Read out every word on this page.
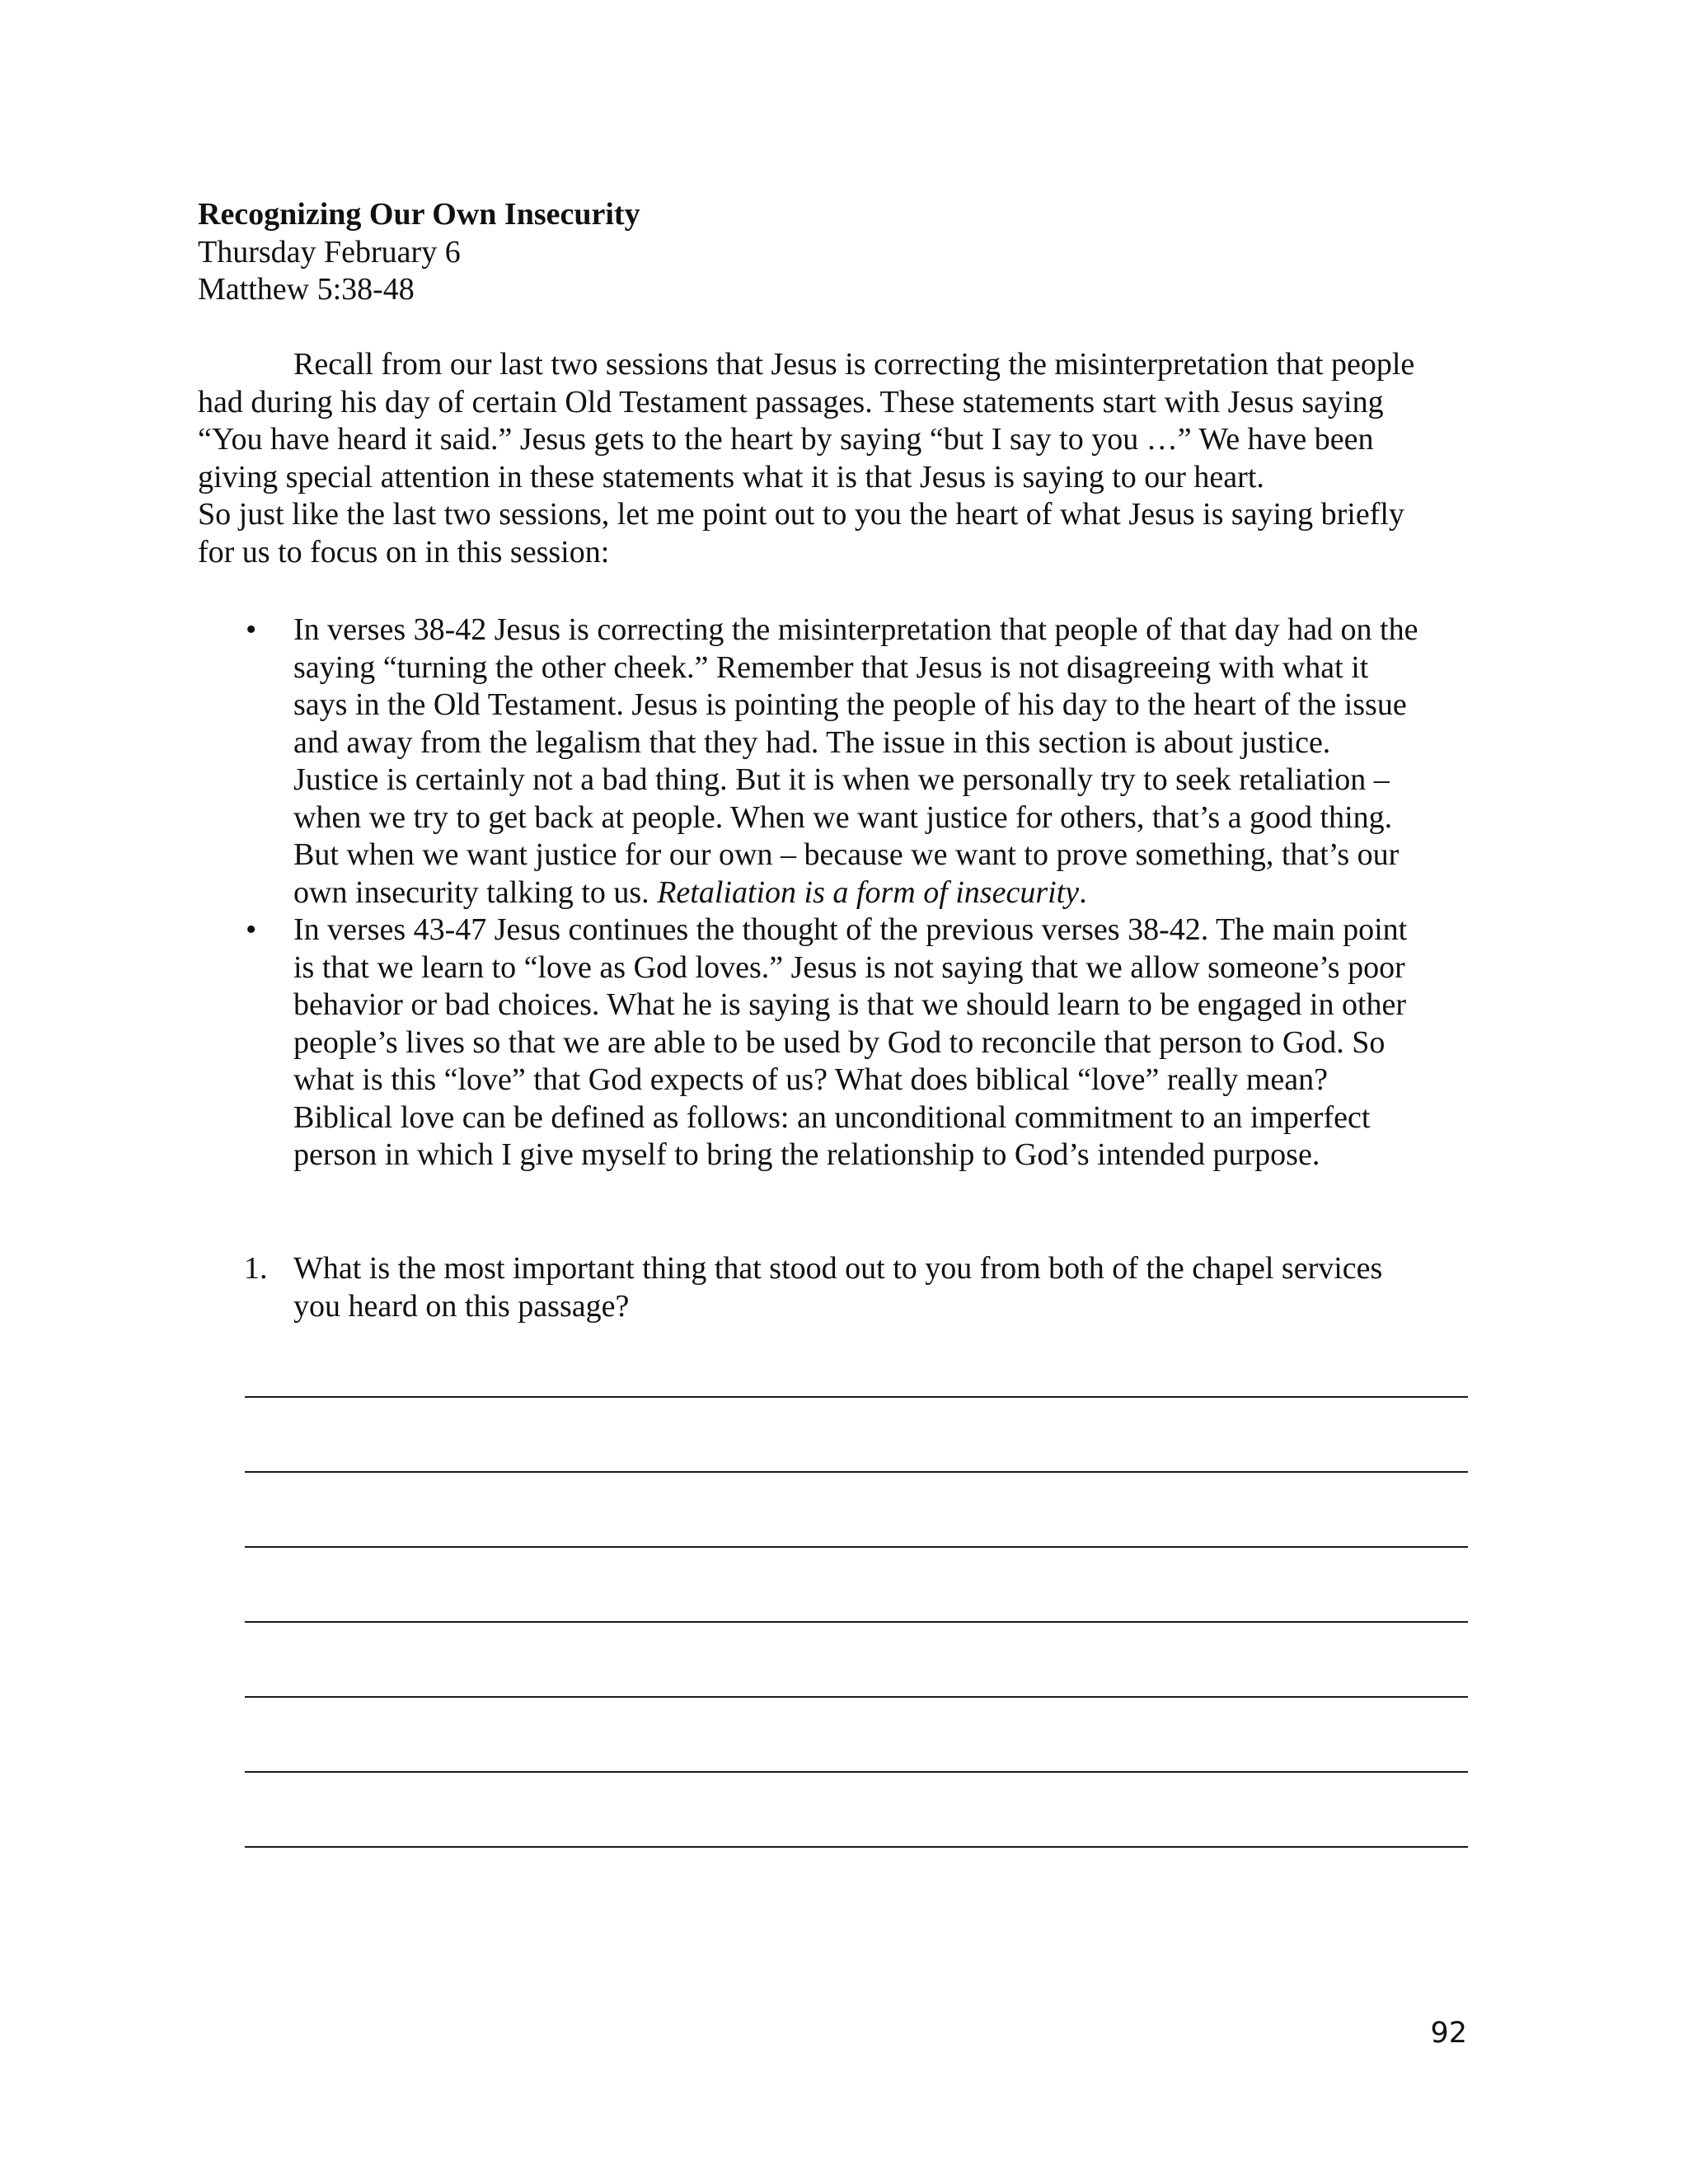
Recognizing Our Own Insecurity
Thursday February 6
Matthew 5:38-48
Recall from our last two sessions that Jesus is correcting the misinterpretation that people
had during his day of certain Old Testament passages. These statements start with Jesus saying
“You have heard it said.” Jesus gets to the heart by saying “but I say to you …” We have been
giving special attention in these statements what it is that Jesus is saying to our heart.
So just like the last two sessions, let me point out to you the heart of what Jesus is saying briefly
for us to focus on in this session:
•	In verses 38-42 Jesus is correcting the misinterpretation that people of that day had on the
saying “turning the other cheek.” Remember that Jesus is not disagreeing with what it
says in the Old Testament. Jesus is pointing the people of his day to the heart of the issue
and away from the legalism that they had. The issue in this section is about justice.
Justice is certainly not a bad thing. But it is when we personally try to seek retaliation –
when we try to get back at people. When we want justice for others, that’s a good thing.
But when we want justice for our own – because we want to prove something, that’s our
own insecurity talking to us. Retaliation is a form of insecurity.
•	In verses 43-47 Jesus continues the thought of the previous verses 38-42. The main point
is that we learn to “love as God loves.” Jesus is not saying that we allow someone’s poor
behavior or bad choices. What he is saying is that we should learn to be engaged in other
people’s lives so that we are able to be used by God to reconcile that person to God. So
what is this “love” that God expects of us? What does biblical “love” really mean?
Biblical love can be defined as follows: an unconditional commitment to an imperfect
person in which I give myself to bring the relationship to God’s intended purpose.
1. What is the most important thing that stood out to you from both of the chapel services
you heard on this passage?
92
